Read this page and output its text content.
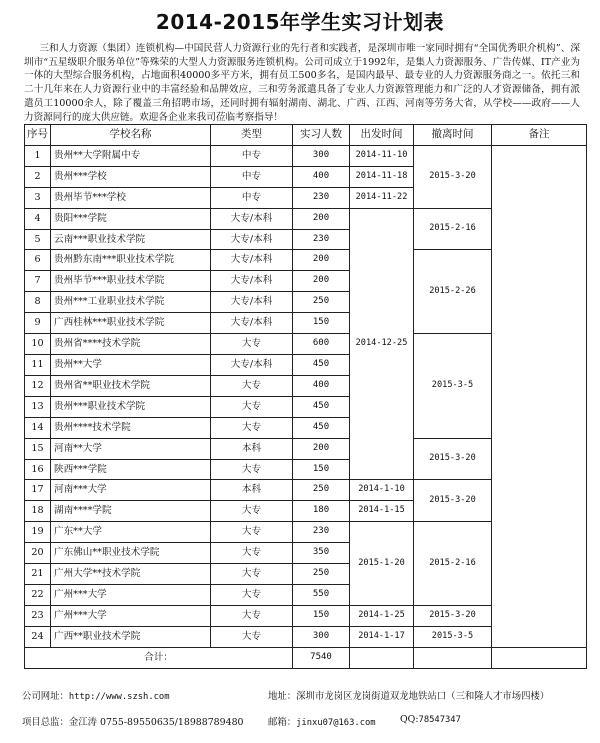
2014-2015年学生实习计划表
三和人力资源（集团）连锁机构—中国民营人力资源行业的先行者和实践者，是深圳市唯一家同时拥有“全国优秀职介机构”、深圳市“五星级职介服务单位”等殊荣的大型人力资源服务连锁机构。公司司成立于1992年，是集人力资源服务、广告传媒、IT产业为一体的大型综合服务机构，占地面积40000多平方米，拥有员工500多名，是国内最早、最专业的人力资源服务商之一。依托三和二十几年来在人力资源行业中的丰富经验和品牌效应，三和劳务派遣具备了专业人力资源管理能力和广泛的人才资源储备，拥有派遣员工10000余人，除了覆盖三角招聘市场，还同时拥有辐射湖南、湖北、广西、江西、河南等劳务大省，从学校——政府——人力资源同行的庞大供应链。欢迎各企业来我司莅临考察指导！
序号	学校名称	类型	实习人数	出发时间	撤离时间	备注
1	贵州**大学附属中专	中专	300	2014-11-10	2015-3-20	
2	贵州***学校	中专	400	2014-11-18		
3	贵州毕节***学校	中专	230	2014-11-22		
4	贵阳***学院	大专/本科	200	2014-12-25	2015-2-16	
5	云南***职业技术学院	大专/本科	230			
6	贵州黔东南***职业技术学院	大专/本科	200		2015-2-26	
7	贵州毕节***职业技术学院	大专/本科	200			
8	贵州***工业职业技术学院	大专/本科	250			
9	广西桂林***职业技术学院	大专/本科	150			
10	贵州省****技术学院	大专	600		2015-3-5	
11	贵州**大学	大专/本科	450			
12	贵州省**职业技术学院	大专	400			
13	贵州***职业技术学院	大专	450			
14	贵州****技术学院	大专	450			
15	河南**大学	本科	200		2015-3-20	
16	陕西***学院	大专	150			
17	河南***大学	本科	250	2014-1-10	2015-3-20	
18	湖南****学院	大专	180	2014-1-15		
19	广东**大学	大专	230	2015-1-20	2015-2-16	
20	广东佛山**职业技术学院	大专	350			
21	广州大学**技术学院	大专	250			
22	广州***大学	大专	550			
23	广州***大学	大专	150	2014-1-25	2015-3-20	
24	广西**职业技术学院	大专	300	2014-1-17	2015-3-5	
合计：			7540			
公司网址：http://www.szsh.com	地址：深圳市龙岗区龙岗街道双龙地铁站口（三和隆人才市场四楼）
项目总监：金江涛 0755-89550635/18988789480	邮箱：jinxu07@163.com	QQ:78547347
